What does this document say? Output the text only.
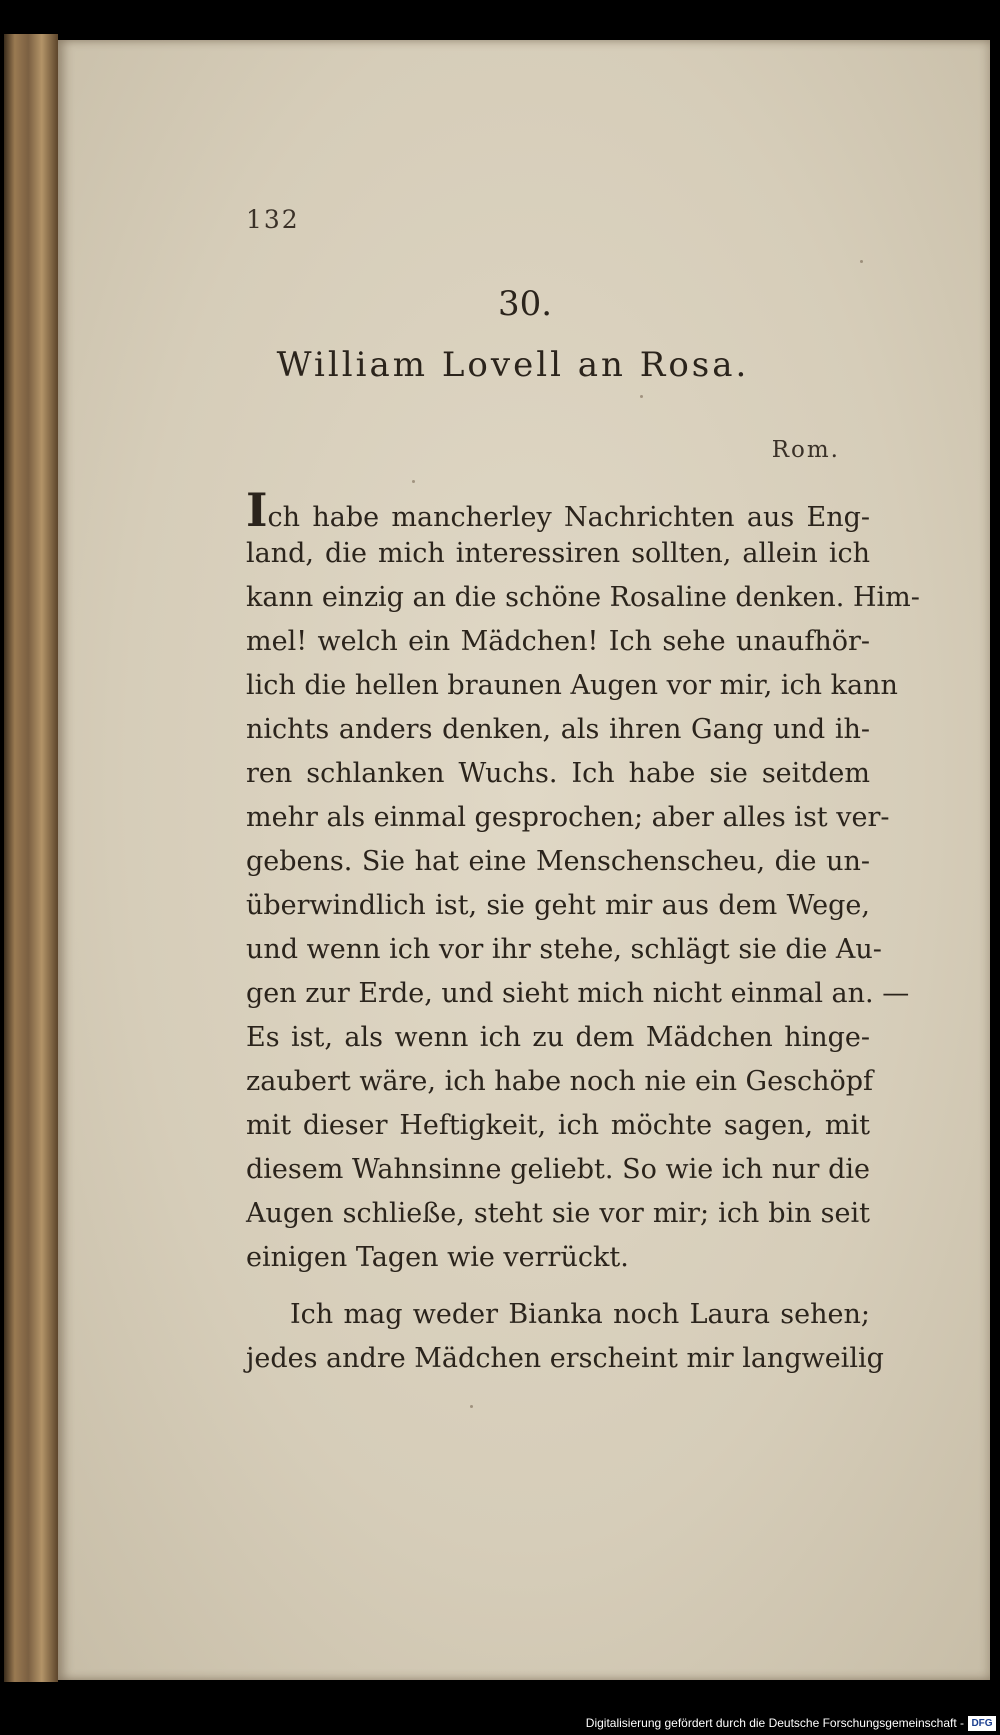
132

30.

William Lovell an Rosa.

Rom.

Ich habe mancherley Nachrichten aus Eng-

land, die mich interessiren sollten, allein ich

kann einzig an die schöne Rosaline denken. Him-

mel! welch ein Mädchen! Ich sehe unaufhör-

lich die hellen braunen Augen vor mir, ich kann

nichts anders denken, als ihren Gang und ih-

ren schlanken Wuchs. Ich habe sie seitdem

mehr als einmal gesprochen; aber alles ist ver-

gebens. Sie hat eine Menschenscheu, die un-

überwindlich ist, sie geht mir aus dem Wege,

und wenn ich vor ihr stehe, schlägt sie die Au-

gen zur Erde, und sieht mich nicht einmal an. —

Es ist, als wenn ich zu dem Mädchen hinge-

zaubert wäre, ich habe noch nie ein Geschöpf

mit dieser Heftigkeit, ich möchte sagen, mit

diesem Wahnsinne geliebt. So wie ich nur die

Augen schließe, steht sie vor mir; ich bin seit

einigen Tagen wie verrückt.

Ich mag weder Bianka noch Laura sehen;

jedes andre Mädchen erscheint mir langweilig

Digitalisierung gefördert durch die Deutsche Forschungsgemeinschaft - DFG
